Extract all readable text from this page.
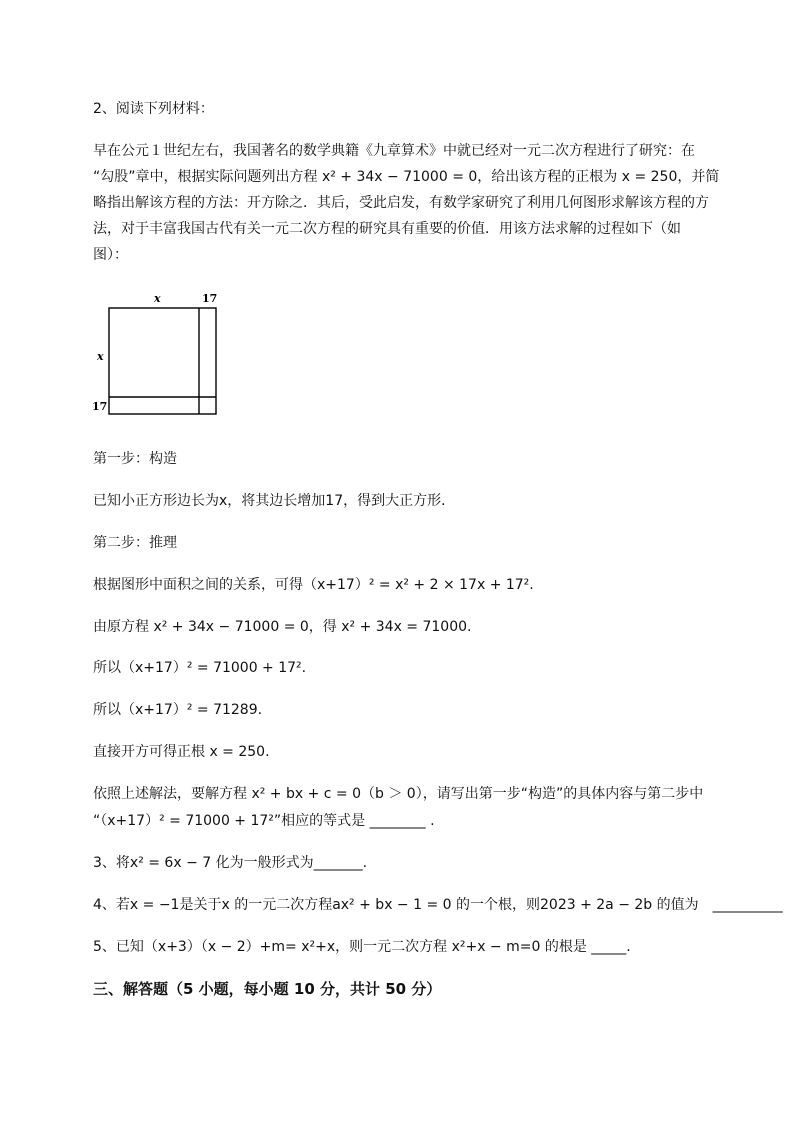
2、阅读下列材料：
早在公元１世纪左右，我国著名的数学典籍《九章算术》中就已经对一元二次方程进行了研究：在
“勾股”章中，根据实际问题列出方程 x² + 34x − 71000 = 0，给出该方程的正根为 x = 250，并简
略指出解该方程的方法：开方除之．其后，受此启发，有数学家研究了利用几何图形求解该方程的方
法，对于丰富我国古代有关一元二次方程的研究具有重要的价值．用该方法求解的过程如下（如
图）：
x	17
x
17
第一步：构造
已知小正方形边长为x，将其边长增加17，得到大正方形．
第二步：推理
根据图形中面积之间的关系，可得（x+17）² = x² + 2 × 17x + 17².
由原方程 x² + 34x − 71000 = 0，得 x² + 34x = 71000.
所以（x+17）² = 71000 + 17².
所以（x+17）² = 71289.
直接开方可得正根 x = 250.
依照上述解法，要解方程 x² + bx + c = 0（b ＞ 0），请写出第一步“构造”的具体内容与第二步中
“（x+17）² = 71000 + 17²”相应的等式是 ________ .
3、将x² = 6x − 7 化为一般形式为_______.
4、若x = −1是关于x 的一元二次方程ax² + bx − 1 = 0 的一个根，则2023 + 2a − 2b 的值为　__________
5、已知（x+3）（x − 2）+m= x²+x，则一元二次方程 x²+x − m=0 的根是 _____.
三、解答题（5 小题，每小题 10 分，共计 50 分）
